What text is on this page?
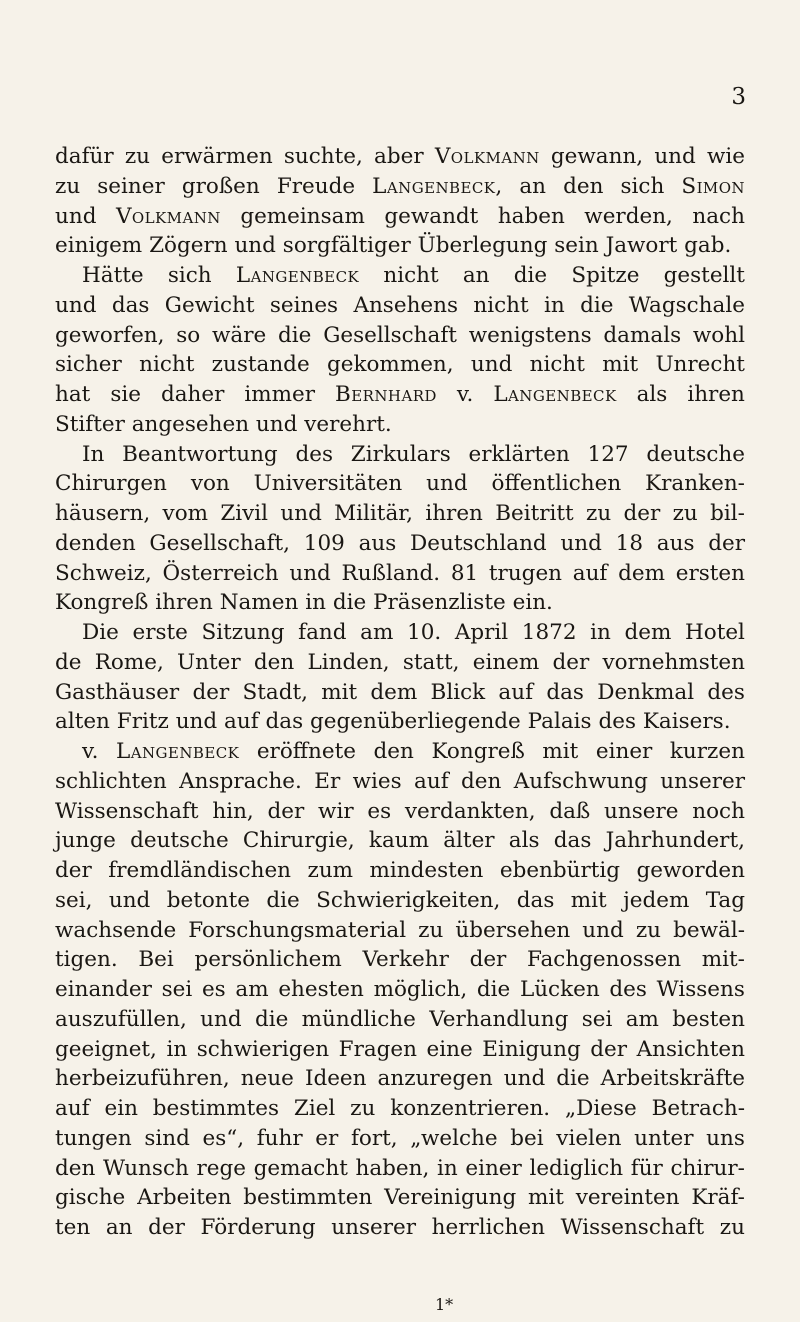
3
dafür zu erwärmen suchte, aber Volkmann gewann, und wie
zu seiner großen Freude Langenbeck, an den sich Simon
und Volkmann gemeinsam gewandt haben werden, nach
einigem Zögern und sorgfältiger Überlegung sein Jawort gab.
Hätte sich Langenbeck nicht an die Spitze gestellt
und das Gewicht seines Ansehens nicht in die Wagschale
geworfen, so wäre die Gesellschaft wenigstens damals wohl
sicher nicht zustande gekommen, und nicht mit Unrecht
hat sie daher immer Bernhard v. Langenbeck als ihren
Stifter angesehen und verehrt.
In Beantwortung des Zirkulars erklärten 127 deutsche
Chirurgen von Universitäten und öffentlichen Kranken-
häusern, vom Zivil und Militär, ihren Beitritt zu der zu bil-
denden Gesellschaft, 109 aus Deutschland und 18 aus der
Schweiz, Österreich und Rußland. 81 trugen auf dem ersten
Kongreß ihren Namen in die Präsenzliste ein.
Die erste Sitzung fand am 10. April 1872 in dem Hotel
de Rome, Unter den Linden, statt, einem der vornehmsten
Gasthäuser der Stadt, mit dem Blick auf das Denkmal des
alten Fritz und auf das gegenüberliegende Palais des Kaisers.
v. Langenbeck eröffnete den Kongreß mit einer kurzen
schlichten Ansprache. Er wies auf den Aufschwung unserer
Wissenschaft hin, der wir es verdankten, daß unsere noch
junge deutsche Chirurgie, kaum älter als das Jahrhundert,
der fremdländischen zum mindesten ebenbürtig geworden
sei, und betonte die Schwierigkeiten, das mit jedem Tag
wachsende Forschungsmaterial zu übersehen und zu bewäl-
tigen. Bei persönlichem Verkehr der Fachgenossen mit-
einander sei es am ehesten möglich, die Lücken des Wissens
auszufüllen, und die mündliche Verhandlung sei am besten
geeignet, in schwierigen Fragen eine Einigung der Ansichten
herbeizuführen, neue Ideen anzuregen und die Arbeitskräfte
auf ein bestimmtes Ziel zu konzentrieren. „Diese Betrach-
tungen sind es“, fuhr er fort, „welche bei vielen unter uns
den Wunsch rege gemacht haben, in einer lediglich für chirur-
gische Arbeiten bestimmten Vereinigung mit vereinten Kräf-
ten an der Förderung unserer herrlichen Wissenschaft zu
1*
